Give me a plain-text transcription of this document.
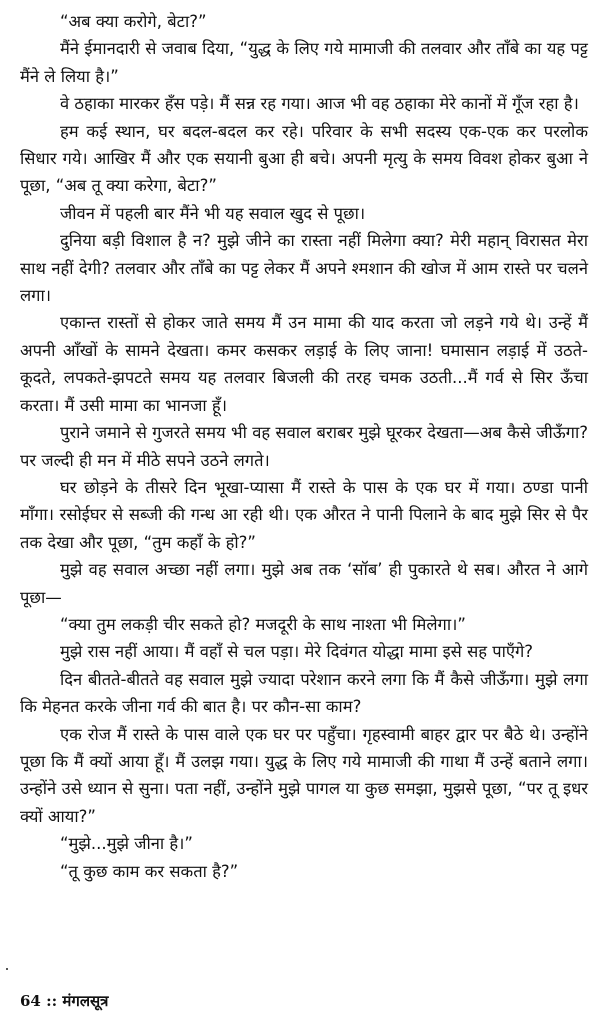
“अब क्या करोगे, बेटा?”

मैंने ईमानदारी से जवाब दिया, “युद्ध के लिए गये मामाजी की तलवार और ताँबे का यह पट्ट मैंने ले लिया है।”

वे ठहाका मारकर हँस पड़े। मैं सन्न रह गया। आज भी वह ठहाका मेरे कानों में गूँज रहा है।

हम कई स्थान, घर बदल-बदल कर रहे। परिवार के सभी सदस्य एक-एक कर परलोक सिधार गये। आखिर मैं और एक सयानी बुआ ही बचे। अपनी मृत्यु के समय विवश होकर बुआ ने पूछा, “अब तू क्या करेगा, बेटा?”

जीवन में पहली बार मैंने भी यह सवाल खुद से पूछा।

दुनिया बड़ी विशाल है न? मुझे जीने का रास्ता नहीं मिलेगा क्या? मेरी महान् विरासत मेरा साथ नहीं देगी? तलवार और ताँबे का पट्ट लेकर मैं अपने श्मशान की खोज में आम रास्ते पर चलने लगा।

एकान्त रास्तों से होकर जाते समय मैं उन मामा की याद करता जो लड़ने गये थे। उन्हें मैं अपनी आँखों के सामने देखता। कमर कसकर लड़ाई के लिए जाना! घमासान लड़ाई में उठते-कूदते, लपकते-झपटते समय यह तलवार बिजली की तरह चमक उठती...मैं गर्व से सिर ऊँचा करता। मैं उसी मामा का भानजा हूँ।

पुराने जमाने से गुजरते समय भी वह सवाल बराबर मुझे घूरकर देखता—अब कैसे जीऊँगा? पर जल्दी ही मन में मीठे सपने उठने लगते।

घर छोड़ने के तीसरे दिन भूखा-प्यासा मैं रास्ते के पास के एक घर में गया। ठण्डा पानी माँगा। रसोईघर से सब्जी की गन्ध आ रही थी। एक औरत ने पानी पिलाने के बाद मुझे सिर से पैर तक देखा और पूछा, “तुम कहाँ के हो?”

मुझे वह सवाल अच्छा नहीं लगा। मुझे अब तक ‘सॉब’ ही पुकारते थे सब। औरत ने आगे पूछा—

“क्या तुम लकड़ी चीर सकते हो? मजदूरी के साथ नाश्ता भी मिलेगा।”

मुझे रास नहीं आया। मैं वहाँ से चल पड़ा। मेरे दिवंगत योद्धा मामा इसे सह पाएँगे?

दिन बीतते-बीतते वह सवाल मुझे ज्यादा परेशान करने लगा कि मैं कैसे जीऊँगा। मुझे लगा कि मेहनत करके जीना गर्व की बात है। पर कौन-सा काम?

एक रोज मैं रास्ते के पास वाले एक घर पर पहुँचा। गृहस्वामी बाहर द्वार पर बैठे थे। उन्होंने पूछा कि मैं क्यों आया हूँ। मैं उलझ गया। युद्ध के लिए गये मामाजी की गाथा मैं उन्हें बताने लगा। उन्होंने उसे ध्यान से सुना। पता नहीं, उन्होंने मुझे पागल या कुछ समझा, मुझसे पूछा, “पर तू इधर क्यों आया?”

“मुझे...मुझे जीना है।”

“तू कुछ काम कर सकता है?”

64 :: मंगलसूत्र
